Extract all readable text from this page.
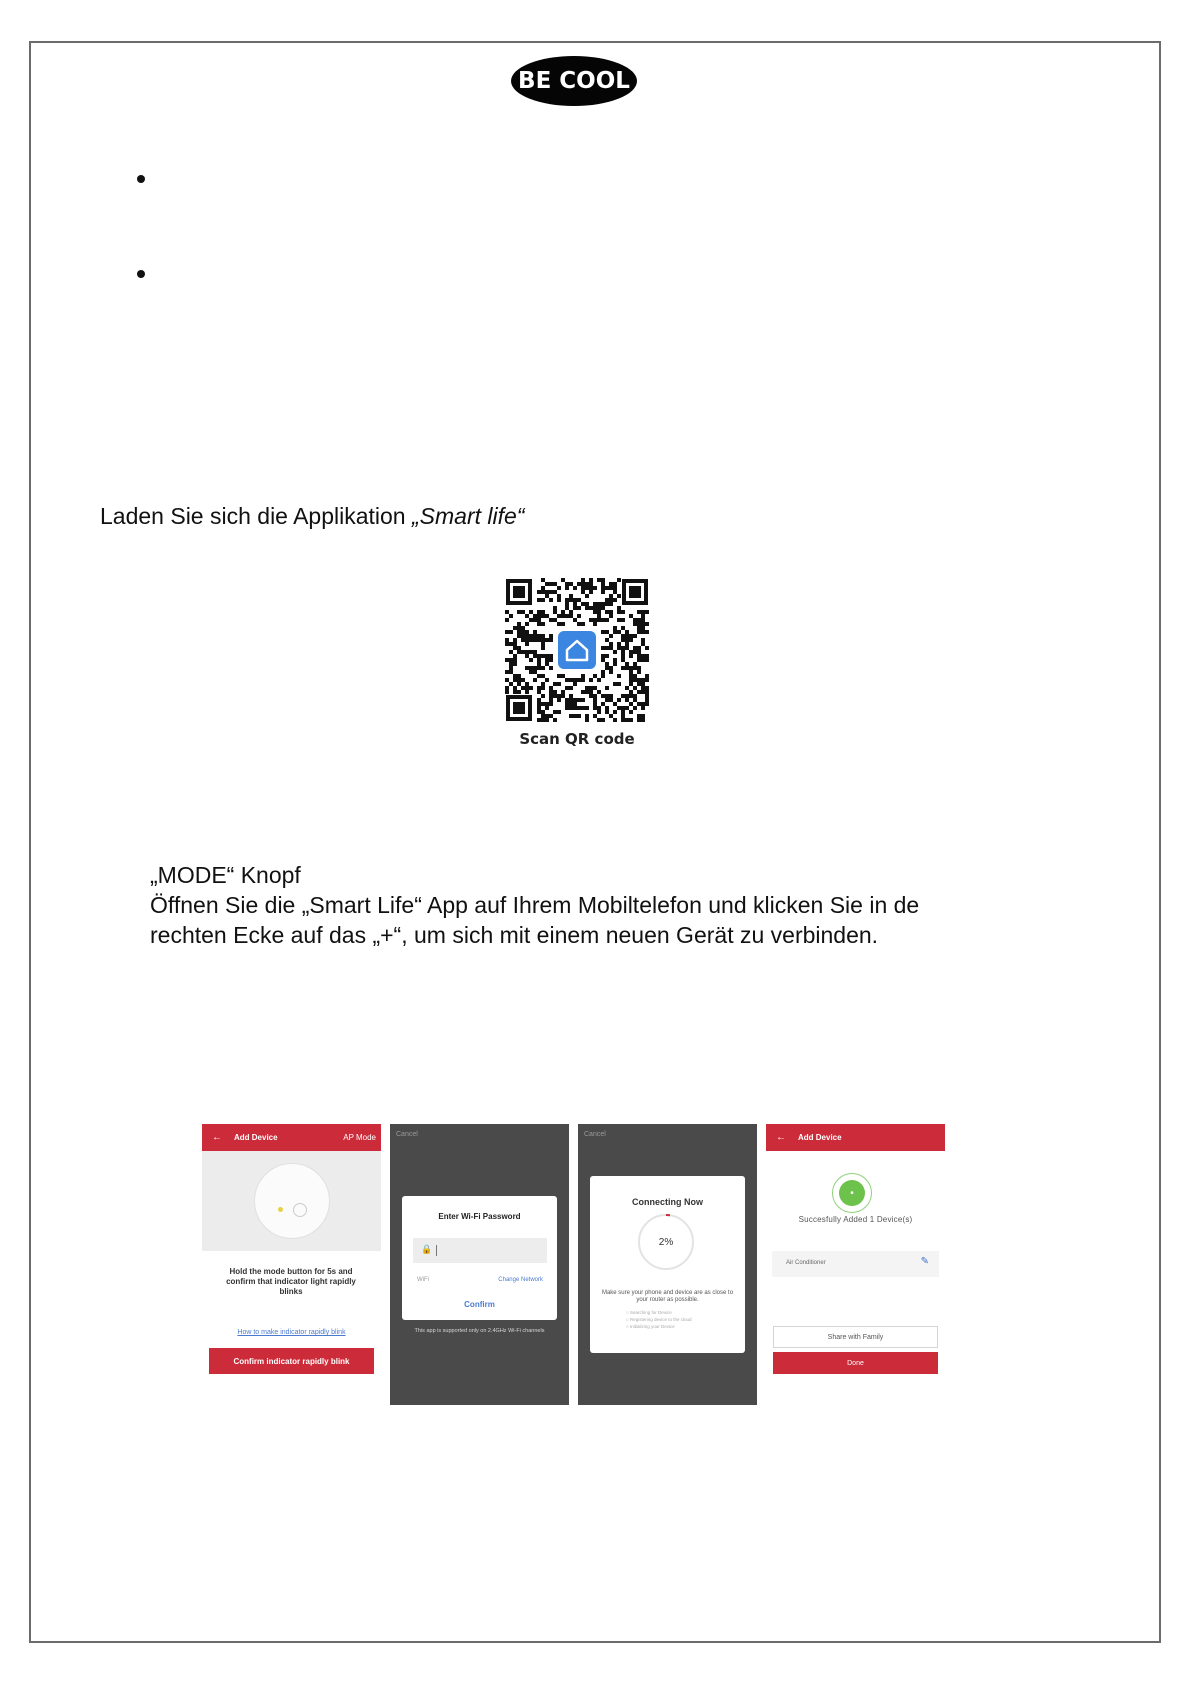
BE COOL
Laden Sie sich die Applikation „Smart life“
Scan QR code
„MODE“ Knopf
Öffnen Sie die „Smart Life“ App auf Ihrem Mobiltelefon und klicken Sie in de
rechten Ecke auf das „+“, um sich mit einem neuen Gerät zu verbinden.
← Add Device	AP Mode
Hold the mode button for 5s and confirm that indicator light rapidly blinks
How to make indicator rapidly blink
Confirm indicator rapidly blink
Cancel
Enter Wi-Fi Password
🔒
WiFi	Change Network
Confirm
This app is supported only on 2.4GHz Wi-Fi channels
Cancel
Connecting Now
2%
Make sure your phone and device are as close to your router as possible.
○ Searching for Device
○ Registering device to the cloud
○ Initializing your Device
← Add Device
•
Succesfully Added 1 Device(s)
Air Conditioner	✎
Share with Family
Done
